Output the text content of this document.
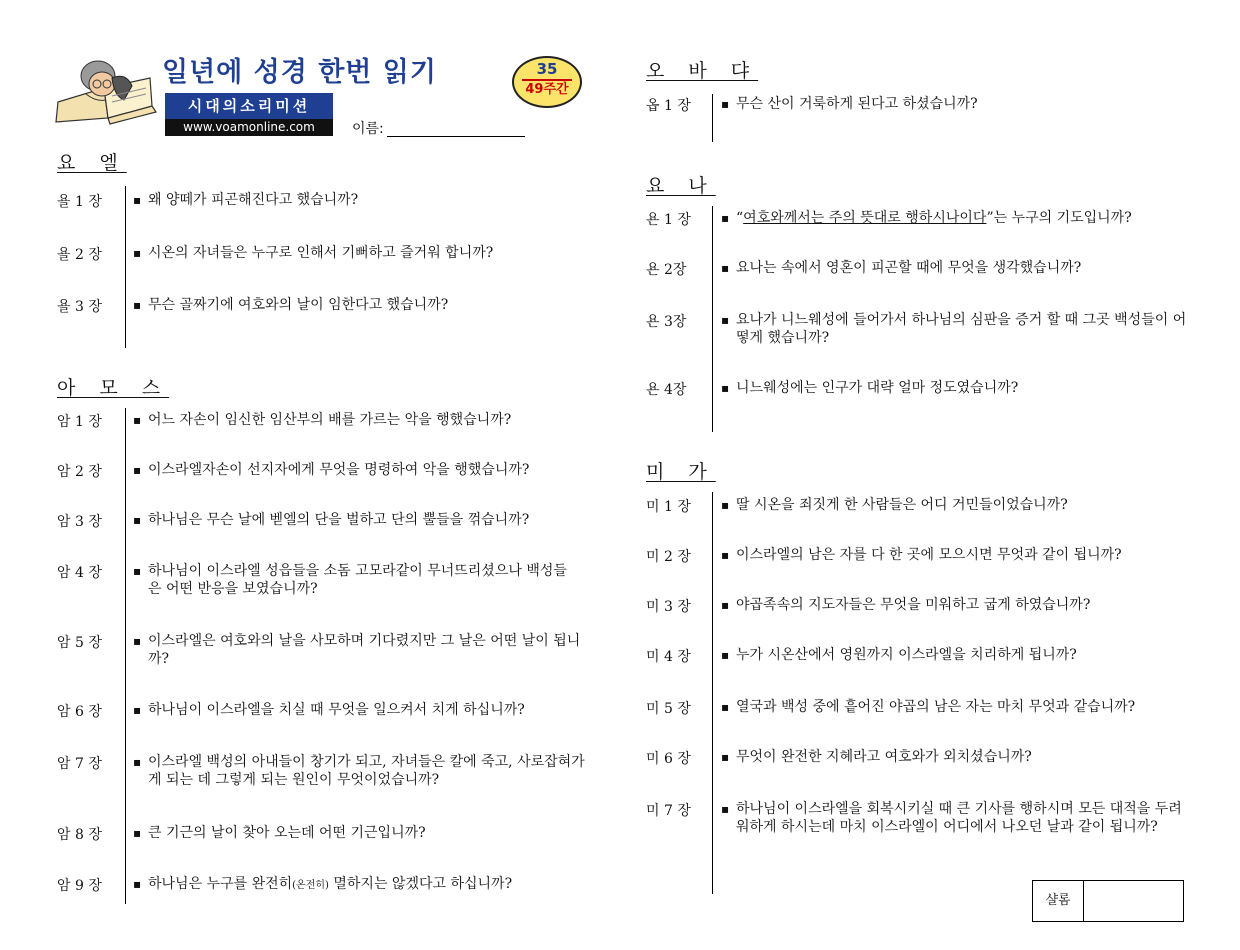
일년에 성경 한번 읽기
시대의소리미션
www.voamonline.com	이름:
35
49주간
요 엘
욜 1 장	▪ 왜 양떼가 피곤해진다고 했습니까?
욜 2 장	▪ 시온의 자녀들은 누구로 인해서 기뻐하고 즐거워 합니까?
욜 3 장	▪ 무슨 골짜기에 여호와의 날이 임한다고 했습니까?
아 모 스
암 1 장	▪ 어느 자손이 임신한 임산부의 배를 가르는 악을 행했습니까?
암 2 장	▪ 이스라엘자손이 선지자에게 무엇을 명령하여 악을 행했습니까?
암 3 장	▪ 하나님은 무슨 날에 벧엘의 단을 벌하고 단의 뿔들을 꺾습니까?
암 4 장	▪ 하나님이 이스라엘 성읍들을 소돔 고모라같이 무너뜨리셨으나 백성들은 어떤 반응을 보였습니까?
암 5 장	▪ 이스라엘은 여호와의 날을 사모하며 기다렸지만 그 날은 어떤 날이 됩니까?
암 6 장	▪ 하나님이 이스라엘을 치실 때 무엇을 일으켜서 치게 하십니까?
암 7 장	▪ 이스라엘 백성의 아내들이 창기가 되고, 자녀들은 칼에 죽고, 사로잡혀가게 되는 데 그렇게 되는 원인이 무엇이었습니까?
암 8 장	▪ 큰 기근의 날이 찾아 오는데 어떤 기근입니까?
암 9 장	▪ 하나님은 누구를 완전히(온전히) 멸하지는 않겠다고 하십니까?
오 바 댜
옵 1 장	▪ 무슨 산이 거룩하게 된다고 하셨습니까?
요 나
욘 1 장	▪ “여호와께서는 주의 뜻대로 행하시나이다”는 누구의 기도입니까?
욘 2장	▪ 요나는 속에서 영혼이 피곤할 때에 무엇을 생각했습니까?
욘 3장	▪ 요나가 니느웨성에 들어가서 하나님의 심판을 증거 할 때 그곳 백성들이 어떻게 했습니까?
욘 4장	▪ 니느웨성에는 인구가 대략 얼마 정도였습니까?
미 가
미 1 장	▪ 딸 시온을 죄짓게 한 사람들은 어디 거민들이었습니까?
미 2 장	▪ 이스라엘의 남은 자를 다 한 곳에 모으시면 무엇과 같이 됩니까?
미 3 장	▪ 야곱족속의 지도자들은 무엇을 미워하고 굽게 하였습니까?
미 4 장	▪ 누가 시온산에서 영원까지 이스라엘을 치리하게 됩니까?
미 5 장	▪ 열국과 백성 중에 흩어진 야곱의 남은 자는 마치 무엇과 같습니까?
미 6 장	▪ 무엇이 완전한 지혜라고 여호와가 외치셨습니까?
미 7 장	▪ 하나님이 이스라엘을 회복시키실 때 큰 기사를 행하시며 모든 대적을 두려워하게 하시는데 마치 이스라엘이 어디에서 나오던 날과 같이 됩니까?
샬롬
